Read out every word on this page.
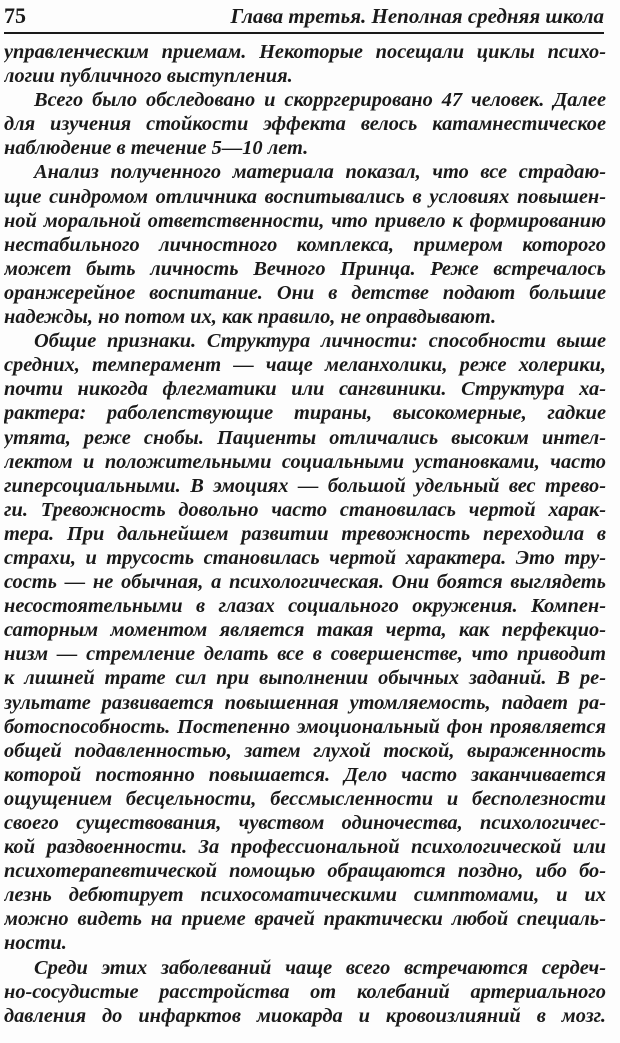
75	Глава третья. Неполная средняя школа
управленческим приемам. Некоторые посещали циклы психо-
логии публичного выступления.
Всего было обследовано и скорргерировано 47 человек. Далее
для изучения стойкости эффекта велось катамнестическое
наблюдение в течение 5—10 лет.
Анализ полученного материала показал, что все страдаю-
щие синдромом отличника воспитывались в условиях повышен-
ной моральной ответственности, что привело к формированию
нестабильного личностного комплекса, примером которого
может быть личность Вечного Принца. Реже встречалось
оранжерейное воспитание. Они в детстве подают большие
надежды, но потом их, как правило, не оправдывают.
Общие признаки. Структура личности: способности выше
средних, темперамент — чаще меланхолики, реже холерики,
почти никогда флегматики или сангвиники. Структура ха-
рактера: раболепствующие тираны, высокомерные, гадкие
утята, реже снобы. Пациенты отличались высоким интел-
лектом и положительными социальными установками, часто
гиперсоциальными. В эмоциях — большой удельный вес трево-
ги. Тревожность довольно часто становилась чертой харак-
тера. При дальнейшем развитии тревожность переходила в
страхи, и трусость становилась чертой характера. Это тру-
сость — не обычная, а психологическая. Они боятся выглядеть
несостоятельными в глазах социального окружения. Компен-
саторным моментом является такая черта, как перфекцио-
низм — стремление делать все в совершенстве, что приводит
к лишней трате сил при выполнении обычных заданий. В ре-
зультате развивается повышенная утомляемость, падает ра-
ботоспособность. Постепенно эмоциональный фон проявляется
общей подавленностью, затем глухой тоской, выраженность
которой постоянно повышается. Дело часто заканчивается
ощущением бесцельности, бессмысленности и бесполезности
своего существования, чувством одиночества, психологичес-
кой раздвоенности. За профессиональной психологической или
психотерапевтической помощью обращаются поздно, ибо бо-
лезнь дебютирует психосоматическими симптомами, и их
можно видеть на приеме врачей практически любой специаль-
ности.
Среди этих заболеваний чаще всего встречаются сердеч-
но-сосудистые расстройства от колебаний артериального
давления до инфарктов миокарда и кровоизлияний в мозг.
